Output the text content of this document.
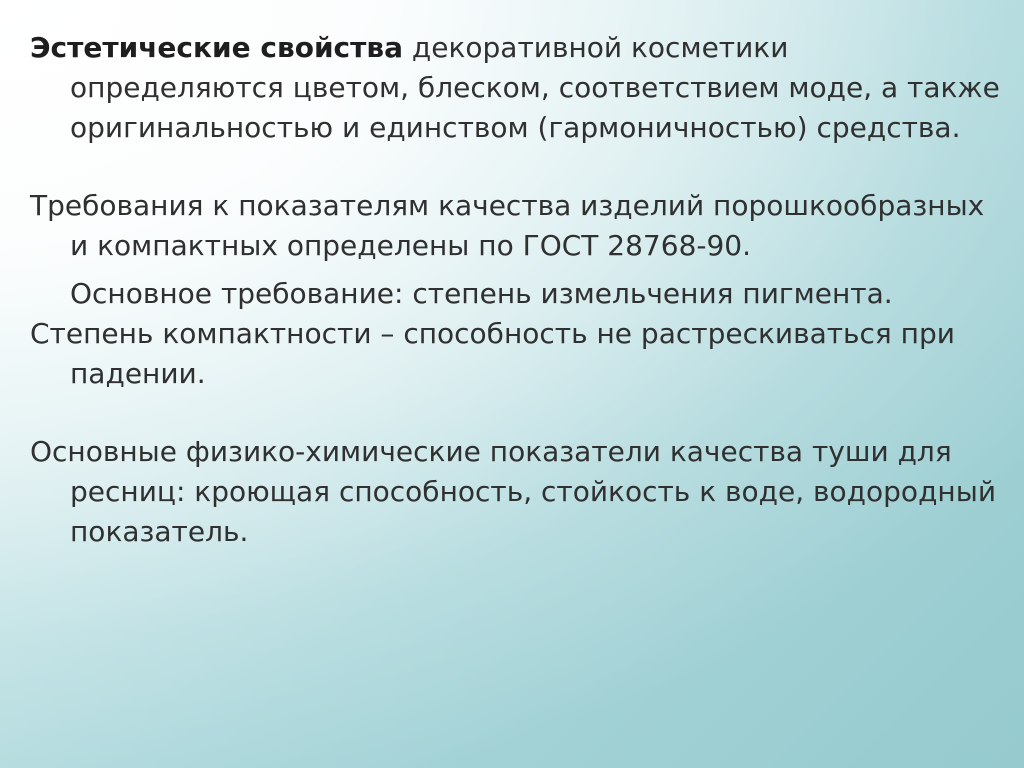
Эстетические свойства декоративной косметики определяются цветом, блеском, соответствием моде, а также оригинальностью и единством (гармоничностью) средства.

Требования к показателям качества изделий порошкообразных и компактных определены по ГОСТ 28768-90.

Основное требование: степень измельчения пигмента.

Степень компактности – способность не растрескиваться при падении.

Основные физико-химические показатели качества туши для ресниц: кроющая способность, стойкость к воде, водородный показатель.
